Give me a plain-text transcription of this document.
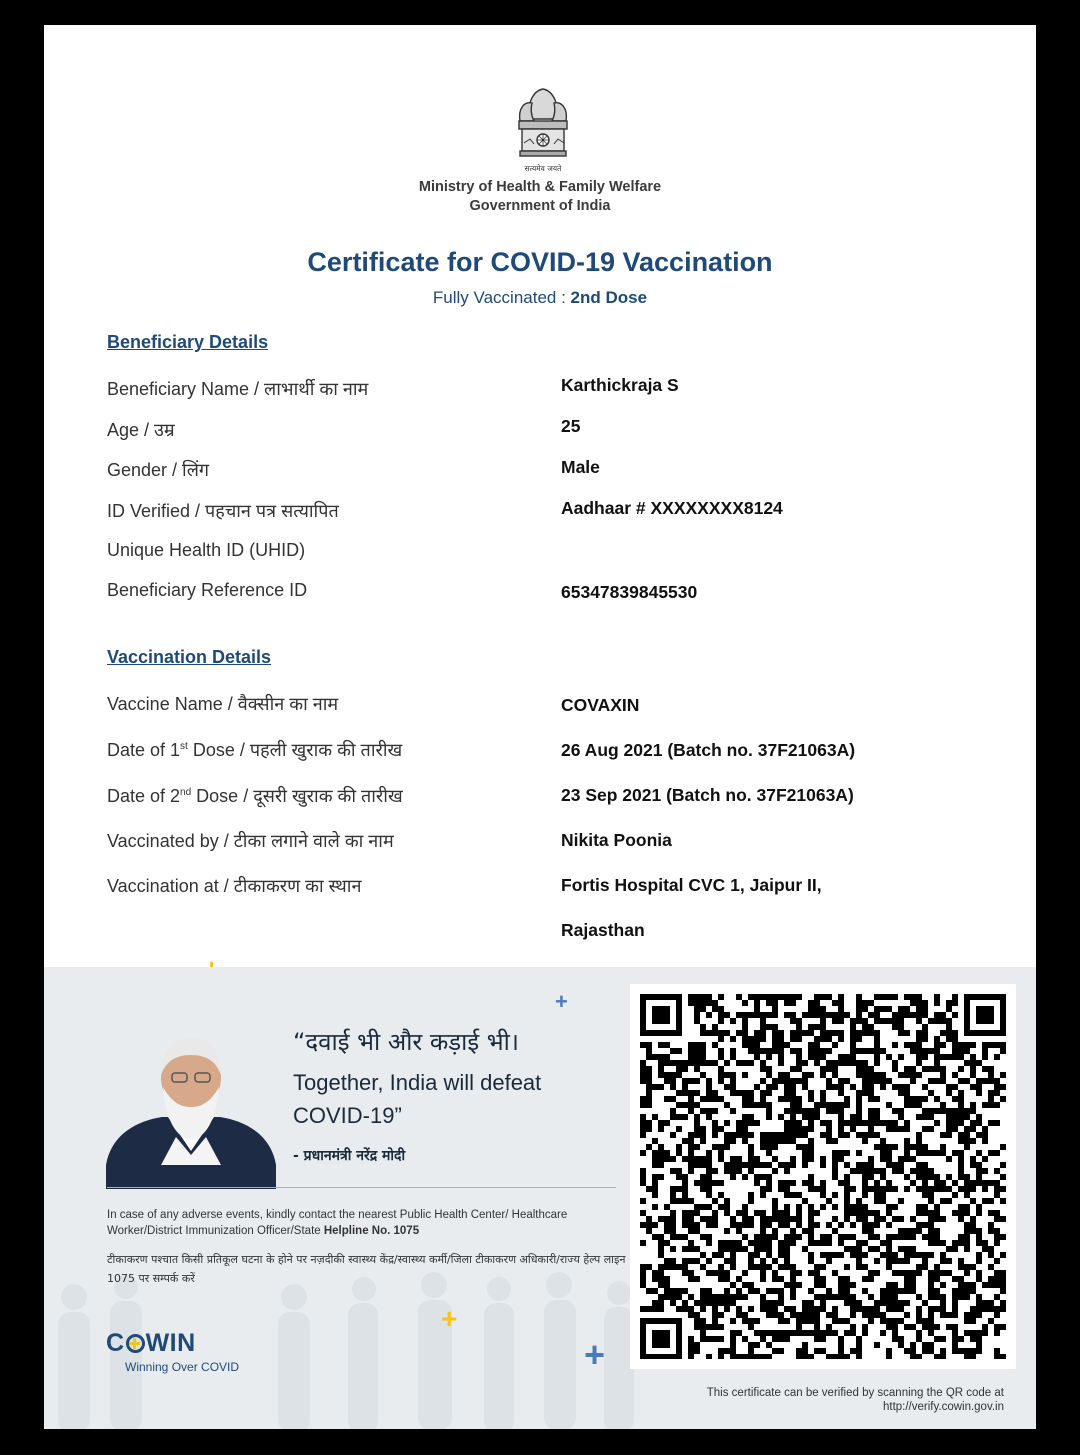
सत्यमेव जयते
Ministry of Health & Family Welfare
Government of India
Certificate for COVID-19 Vaccination
Fully Vaccinated : 2nd Dose
Beneficiary Details
Beneficiary Name / लाभार्थी का नाम	Karthickraja S
Age / उम्र	25
Gender / लिंग	Male
ID Verified / पहचान पत्र सत्यापित	Aadhaar # XXXXXXXX8124
Unique Health ID (UHID)
Beneficiary Reference ID	65347839845530
Vaccination Details
Vaccine Name / वैक्सीन का नाम	COVAXIN
Date of 1st Dose / पहली खुराक की तारीख	26 Aug 2021 (Batch no. 37F21063A)
Date of 2nd Dose / दूसरी खुराक की तारीख	23 Sep 2021 (Batch no. 37F21063A)
Vaccinated by / टीका लगाने वाले का नाम	Nikita Poonia
Vaccination at / टीकाकरण का स्थान	Fortis Hospital CVC 1, Jaipur II,
Rajasthan
+
+
+
“दवाई भी और कड़ाई भी।
Together, India will defeat COVID-19”
- प्रधानमंत्री नरेंद्र मोदी
In case of any adverse events, kindly contact the nearest Public Health Center/ Healthcare Worker/District Immunization Officer/State Helpline No. 1075
टीकाकरण पश्चात किसी प्रतिकूल घटना के होने पर नज़दीकी स्वास्थ्य केंद्र/स्वास्थ्य कर्मी/जिला टीकाकरण अधिकारी/राज्य हेल्प लाइन 1075 पर सम्पर्क करें
C WIN
Winning Over COVID
This certificate can be verified by scanning the QR code at
http://verify.cowin.gov.in
